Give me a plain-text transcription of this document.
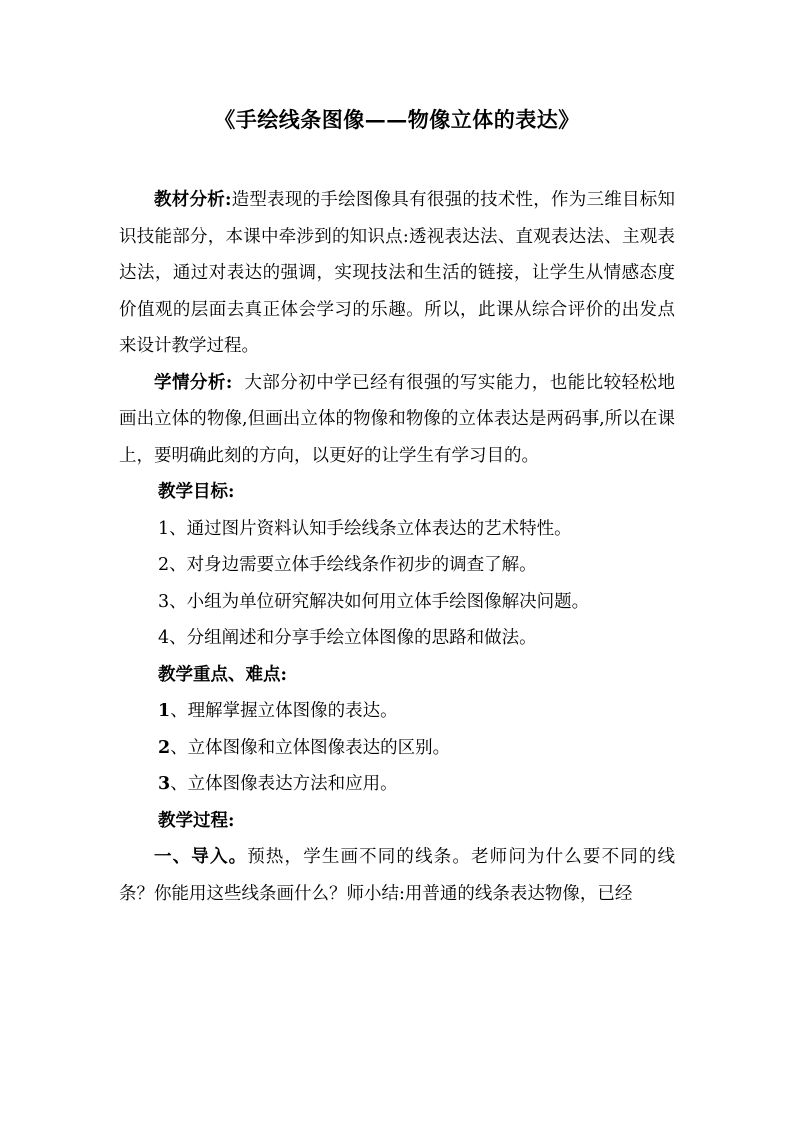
《手绘线条图像——物像立体的表达》

教材分析:造型表现的手绘图像具有很强的技术性，作为三维目标知识技能部分，本课中牵涉到的知识点:透视表达法、直观表达法、主观表达法，通过对表达的强调，实现技法和生活的链接，让学生从情感态度价值观的层面去真正体会学习的乐趣。所以，此课从综合评价的出发点来设计教学过程。

学情分析:  大部分初中学已经有很强的写实能力，也能比较轻松地画出立体的物像,但画出立体的物像和物像的立体表达是两码事,所以在课上，要明确此刻的方向，以更好的让学生有学习目的。

教学目标:

1、通过图片资料认知手绘线条立体表达的艺术特性。

2、对身边需要立体手绘线条作初步的调查了解。

3、小组为单位研究解决如何用立体手绘图像解决问题。

4、分组阐述和分享手绘立体图像的思路和做法。

教学重点、难点:

1、理解掌握立体图像的表达。

2、立体图像和立体图像表达的区别。

3、立体图像表达方法和应用。

教学过程:

一、导入。预热，学生画不同的线条。老师问为什么要不同的线条？你能用这些线条画什么？师小结:用普通的线条表达物像，已经
